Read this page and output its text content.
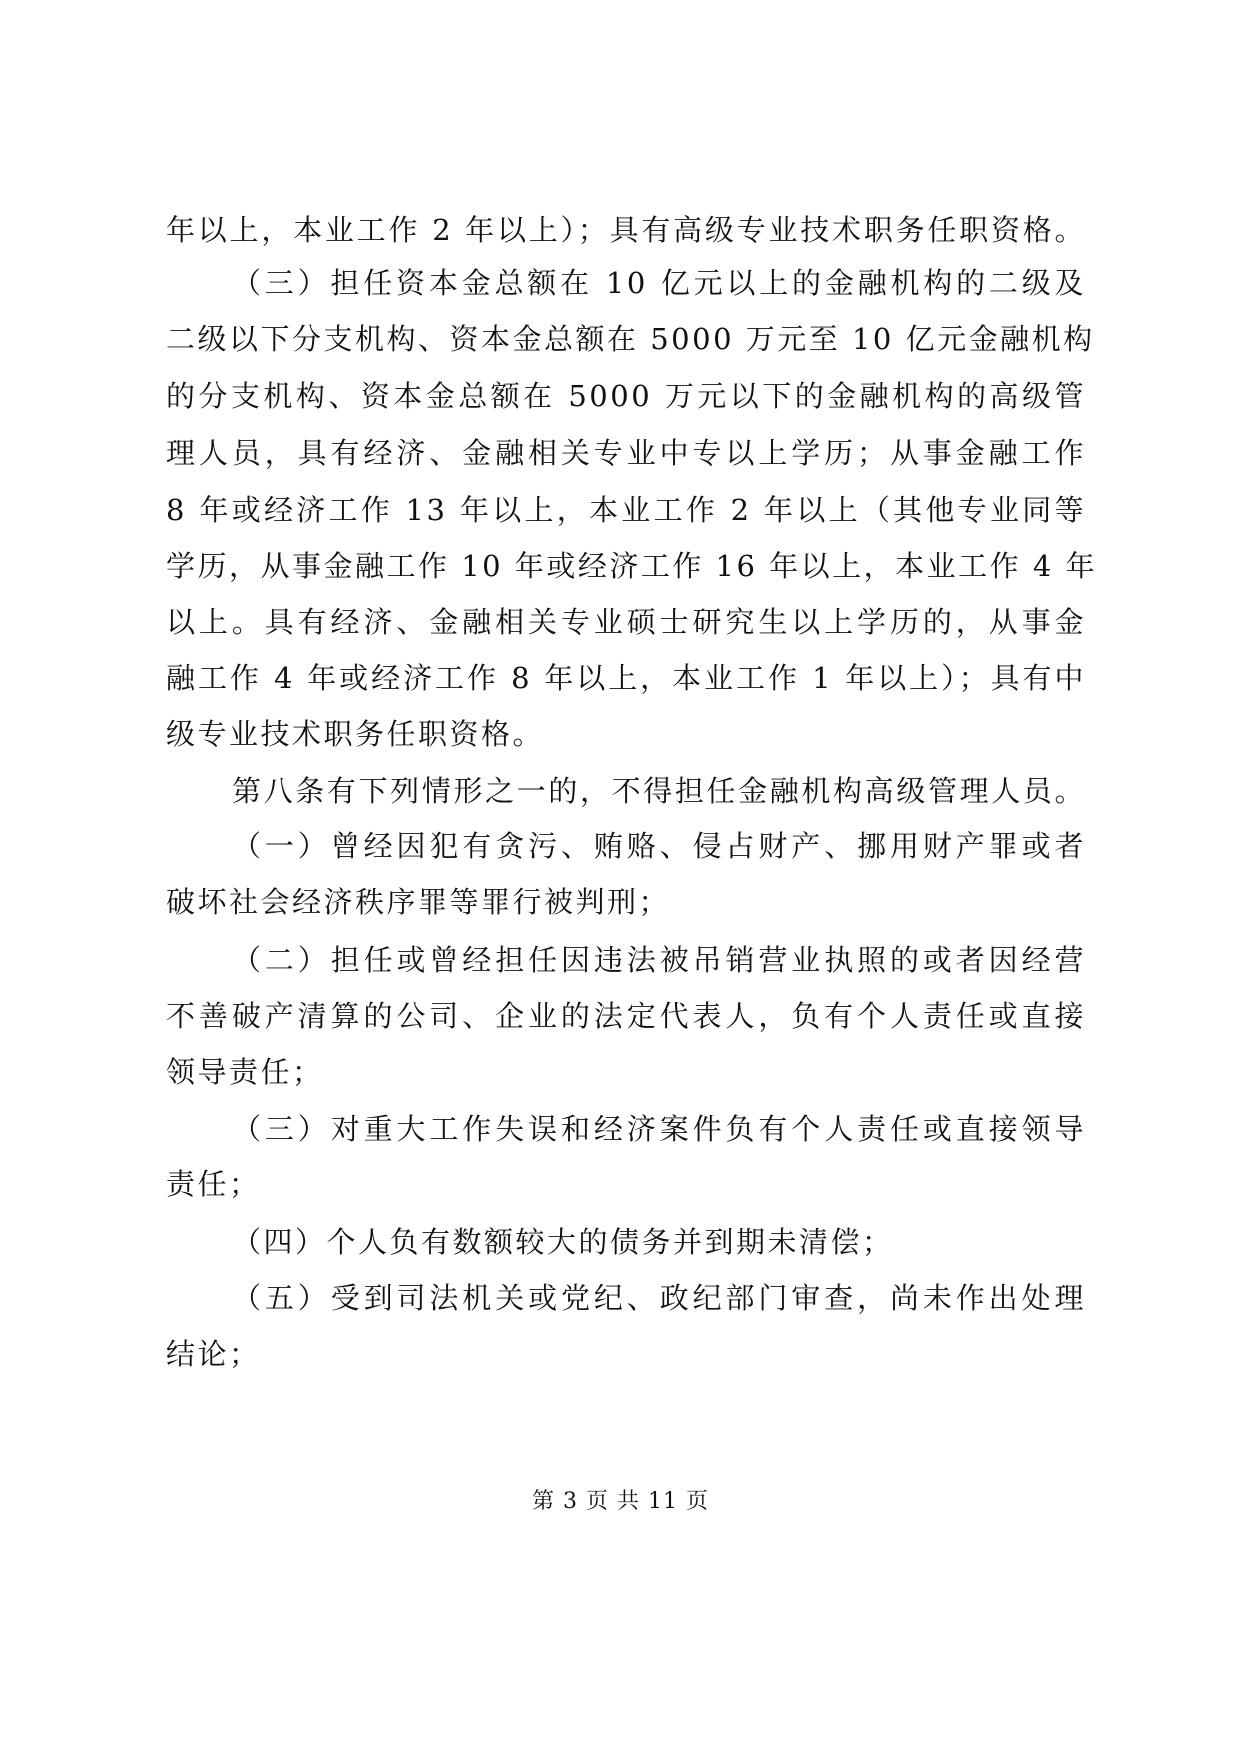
年以上，本业工作 2 年以上）；具有高级专业技术职务任职资格。
（三）担任资本金总额在 10 亿元以上的金融机构的二级及
二级以下分支机构、资本金总额在 5000 万元至 10 亿元金融机构
的分支机构、资本金总额在 5000 万元以下的金融机构的高级管
理人员，具有经济、金融相关专业中专以上学历；从事金融工作
8 年或经济工作 13 年以上，本业工作 2 年以上（其他专业同等
学历，从事金融工作 10 年或经济工作 16 年以上，本业工作 4 年
以上。具有经济、金融相关专业硕士研究生以上学历的，从事金
融工作 4 年或经济工作 8 年以上，本业工作 1 年以上）；具有中
级专业技术职务任职资格。
第八条有下列情形之一的，不得担任金融机构高级管理人员。
（一）曾经因犯有贪污、贿赂、侵占财产、挪用财产罪或者
破坏社会经济秩序罪等罪行被判刑；
（二）担任或曾经担任因违法被吊销营业执照的或者因经营
不善破产清算的公司、企业的法定代表人，负有个人责任或直接
领导责任；
（三）对重大工作失误和经济案件负有个人责任或直接领导
责任；
（四）个人负有数额较大的债务并到期未清偿；
（五）受到司法机关或党纪、政纪部门审查，尚未作出处理
结论；
第 3 页 共 11 页
